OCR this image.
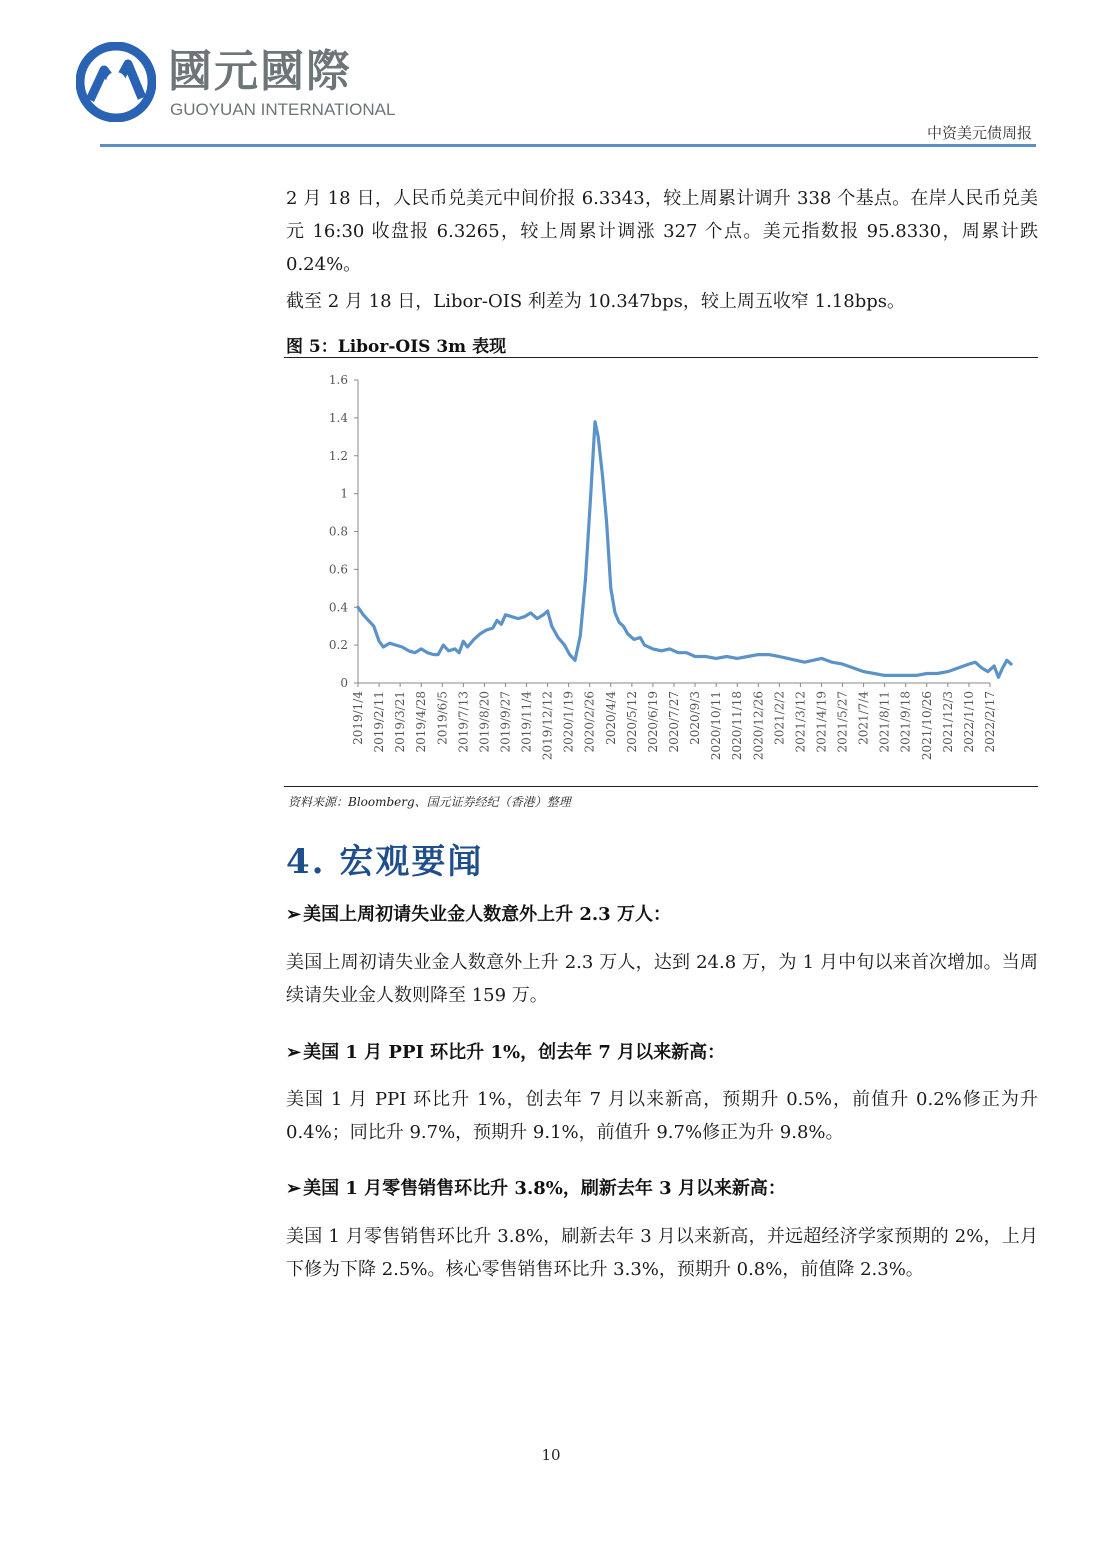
國元國際
GUOYUAN INTERNATIONAL
中资美元债周报

2 月 18 日，人民币兑美元中间价报 6.3343，较上周累计调升 338 个基点。在岸人民币兑美元 16:30 收盘报 6.3265，较上周累计调涨 327 个点。美元指数报 95.8330，周累计跌 0.24%。

截至 2 月 18 日，Libor-OIS 利差为 10.347bps，较上周五收窄 1.18bps。

图 5：Libor-OIS 3m 表现
0
0.2
0.4
0.6
0.8
1
1.2
1.4
1.6
2019/1/4 2019/2/11 2019/3/21 2019/4/28 2019/6/5 2019/7/13 2019/8/20 2019/9/27 2019/11/4 2019/12/12 2020/1/19 2020/2/26 2020/4/4 2020/5/12 2020/6/19 2020/7/27 2020/9/3 2020/10/11 2020/11/18 2020/12/26 2021/2/2 2021/3/12 2021/4/19 2021/5/27 2021/7/4 2021/8/11 2021/9/18 2021/10/26 2021/12/3 2022/1/10 2022/2/17
资料来源：Bloomberg、国元证券经纪（香港）整理
4. 宏观要闻
➢ 美国上周初请失业金人数意外上升 2.3 万人：

美国上周初请失业金人数意外上升 2.3 万人，达到 24.8 万，为 1 月中旬以来首次增加。当周续请失业金人数则降至 159 万。

➢ 美国 1 月 PPI 环比升 1%，创去年 7 月以来新高：

美国 1 月 PPI 环比升 1%，创去年 7 月以来新高，预期升 0.5%，前值升 0.2%修正为升 0.4%；同比升 9.7%，预期升 9.1%，前值升 9.7%修正为升 9.8%。

➢ 美国 1 月零售销售环比升 3.8%，刷新去年 3 月以来新高：

美国 1 月零售销售环比升 3.8%，刷新去年 3 月以来新高，并远超经济学家预期的 2%，上月下修为下降 2.5%。核心零售销售环比升 3.3%，预期升 0.8%，前值降 2.3%。

10
